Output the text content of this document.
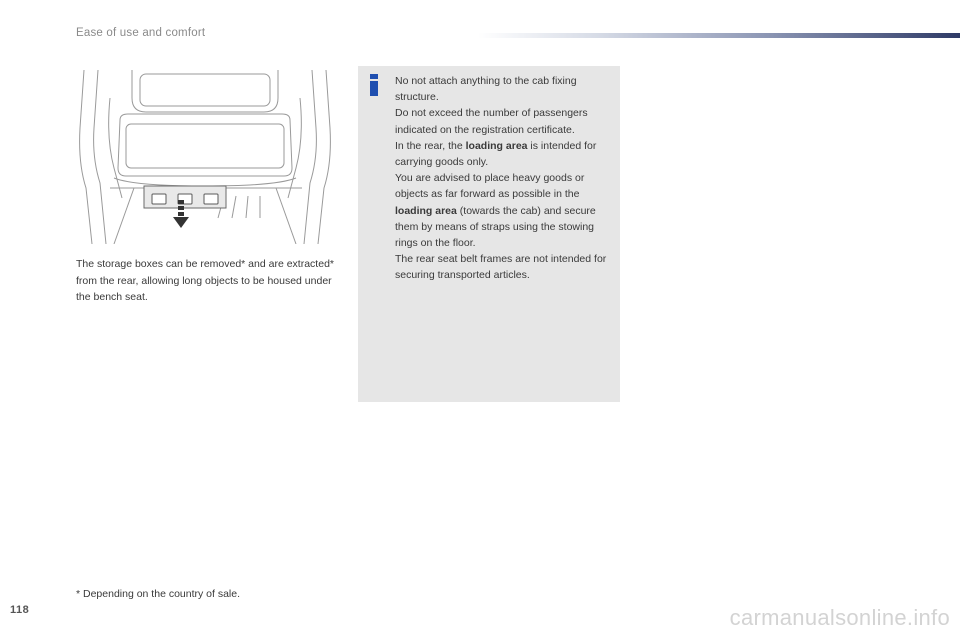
Ease of use and comfort
The storage boxes can be removed* and are extracted* from the rear, allowing long objects to be housed under the bench seat.

No not attach anything to the cab fixing structure.

Do not exceed the number of passengers indicated on the registration certificate.

In the rear, the loading area is intended for carrying goods only.

You are advised to place heavy goods or objects as far forward as possible in the loading area (towards the cab) and secure them by means of straps using the stowing rings on the floor.

The rear seat belt frames are not intended for securing transported articles.

* Depending on the country of sale.
118	carmanualsonline.info
